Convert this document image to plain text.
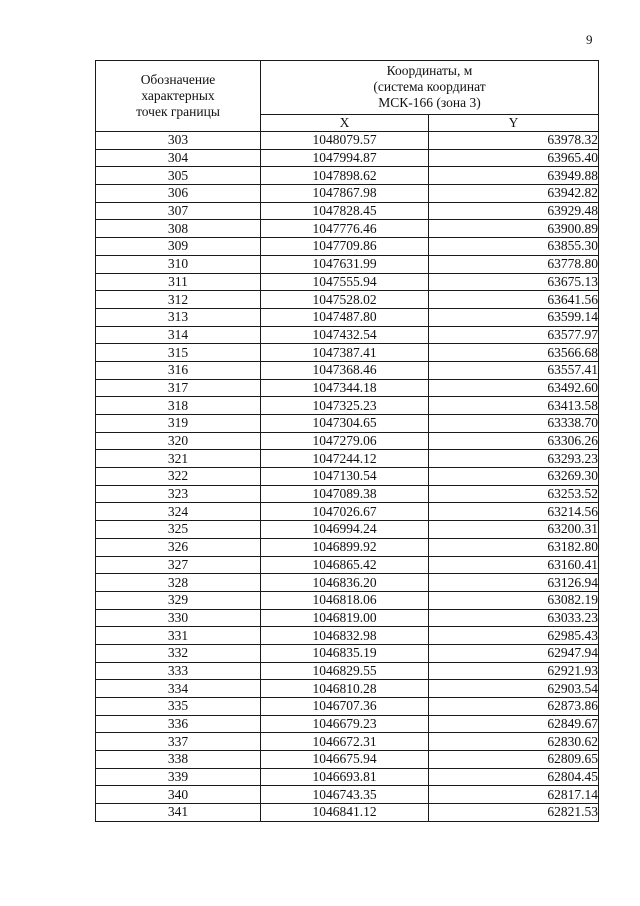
9
Обозначение
характерных
точек границы	Координаты, м
(система координат
МСК-166 (зона 3)	

	X	Y
303	1048079.57	63978.32
304	1047994.87	63965.40
305	1047898.62	63949.88
306	1047867.98	63942.82
307	1047828.45	63929.48
308	1047776.46	63900.89
309	1047709.86	63855.30
310	1047631.99	63778.80
311	1047555.94	63675.13
312	1047528.02	63641.56
313	1047487.80	63599.14
314	1047432.54	63577.97
315	1047387.41	63566.68
316	1047368.46	63557.41
317	1047344.18	63492.60
318	1047325.23	63413.58
319	1047304.65	63338.70
320	1047279.06	63306.26
321	1047244.12	63293.23
322	1047130.54	63269.30
323	1047089.38	63253.52
324	1047026.67	63214.56
325	1046994.24	63200.31
326	1046899.92	63182.80
327	1046865.42	63160.41
328	1046836.20	63126.94
329	1046818.06	63082.19
330	1046819.00	63033.23
331	1046832.98	62985.43
332	1046835.19	62947.94
333	1046829.55	62921.93
334	1046810.28	62903.54
335	1046707.36	62873.86
336	1046679.23	62849.67
337	1046672.31	62830.62
338	1046675.94	62809.65
339	1046693.81	62804.45
340	1046743.35	62817.14
341	1046841.12	62821.53
